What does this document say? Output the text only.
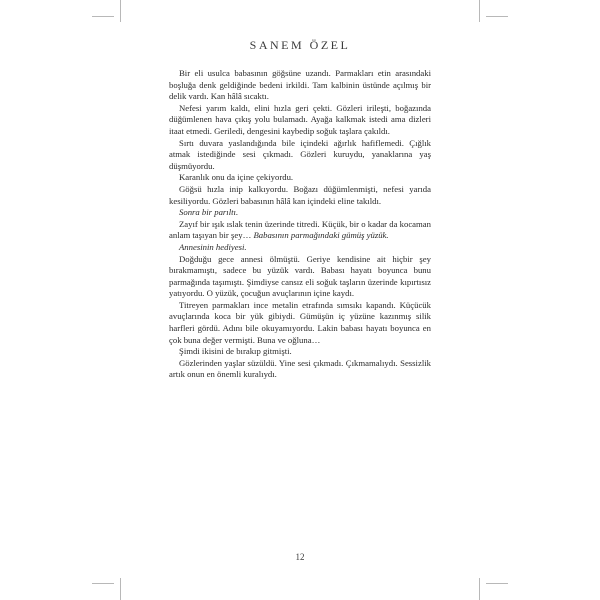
SANEM ÖZEL

Bir eli usulca babasının göğsüne uzandı. Parmakları etin arasındaki boşluğa denk geldiğinde bedeni irkildi. Tam kalbinin üstünde açılmış bir delik vardı. Kan hâlâ sıcaktı.

Nefesi yarım kaldı, elini hızla geri çekti. Gözleri irileşti, boğazında düğümlenen hava çıkış yolu bulamadı. Ayağa kalkmak istedi ama dizleri itaat etmedi. Geriledi, dengesini kaybedip soğuk taşlara çakıldı.

Sırtı duvara yaslandığında bile içindeki ağırlık hafiflemedi. Çığlık atmak istediğinde sesi çıkmadı. Gözleri kuruydu, yanaklarına yaş düşmüyordu.

Karanlık onu da içine çekiyordu.

Göğsü hızla inip kalkıyordu. Boğazı düğümlenmişti, nefesi yarıda kesiliyordu. Gözleri babasının hâlâ kan içindeki eline takıldı.

Sonra bir parıltı.

Zayıf bir ışık ıslak tenin üzerinde titredi. Küçük, bir o kadar da kocaman anlam taşıyan bir şey… Babasının parmağındaki gümüş yüzük.

Annesinin hediyesi.

Doğduğu gece annesi ölmüştü. Geriye kendisine ait hiçbir şey bırakmamıştı, sadece bu yüzük vardı. Babası hayatı boyunca bunu parmağında taşımıştı. Şimdiyse cansız eli soğuk taşların üzerinde kıpırtısız yatıyordu. O yüzük, çocuğun avuçlarının içine kaydı.

Titreyen parmakları ince metalin etrafında sımsıkı kapandı. Küçücük avuçlarında koca bir yük gibiydi. Gümüşün iç yüzüne kazınmış silik harfleri gördü. Adını bile okuyamıyordu. Lakin babası hayatı boyunca en çok buna değer vermişti. Buna ve oğluna…

Şimdi ikisini de bırakıp gitmişti.

Gözlerinden yaşlar süzüldü. Yine sesi çıkmadı. Çıkmamalıydı. Sessizlik artık onun en önemli kuralıydı.

12
